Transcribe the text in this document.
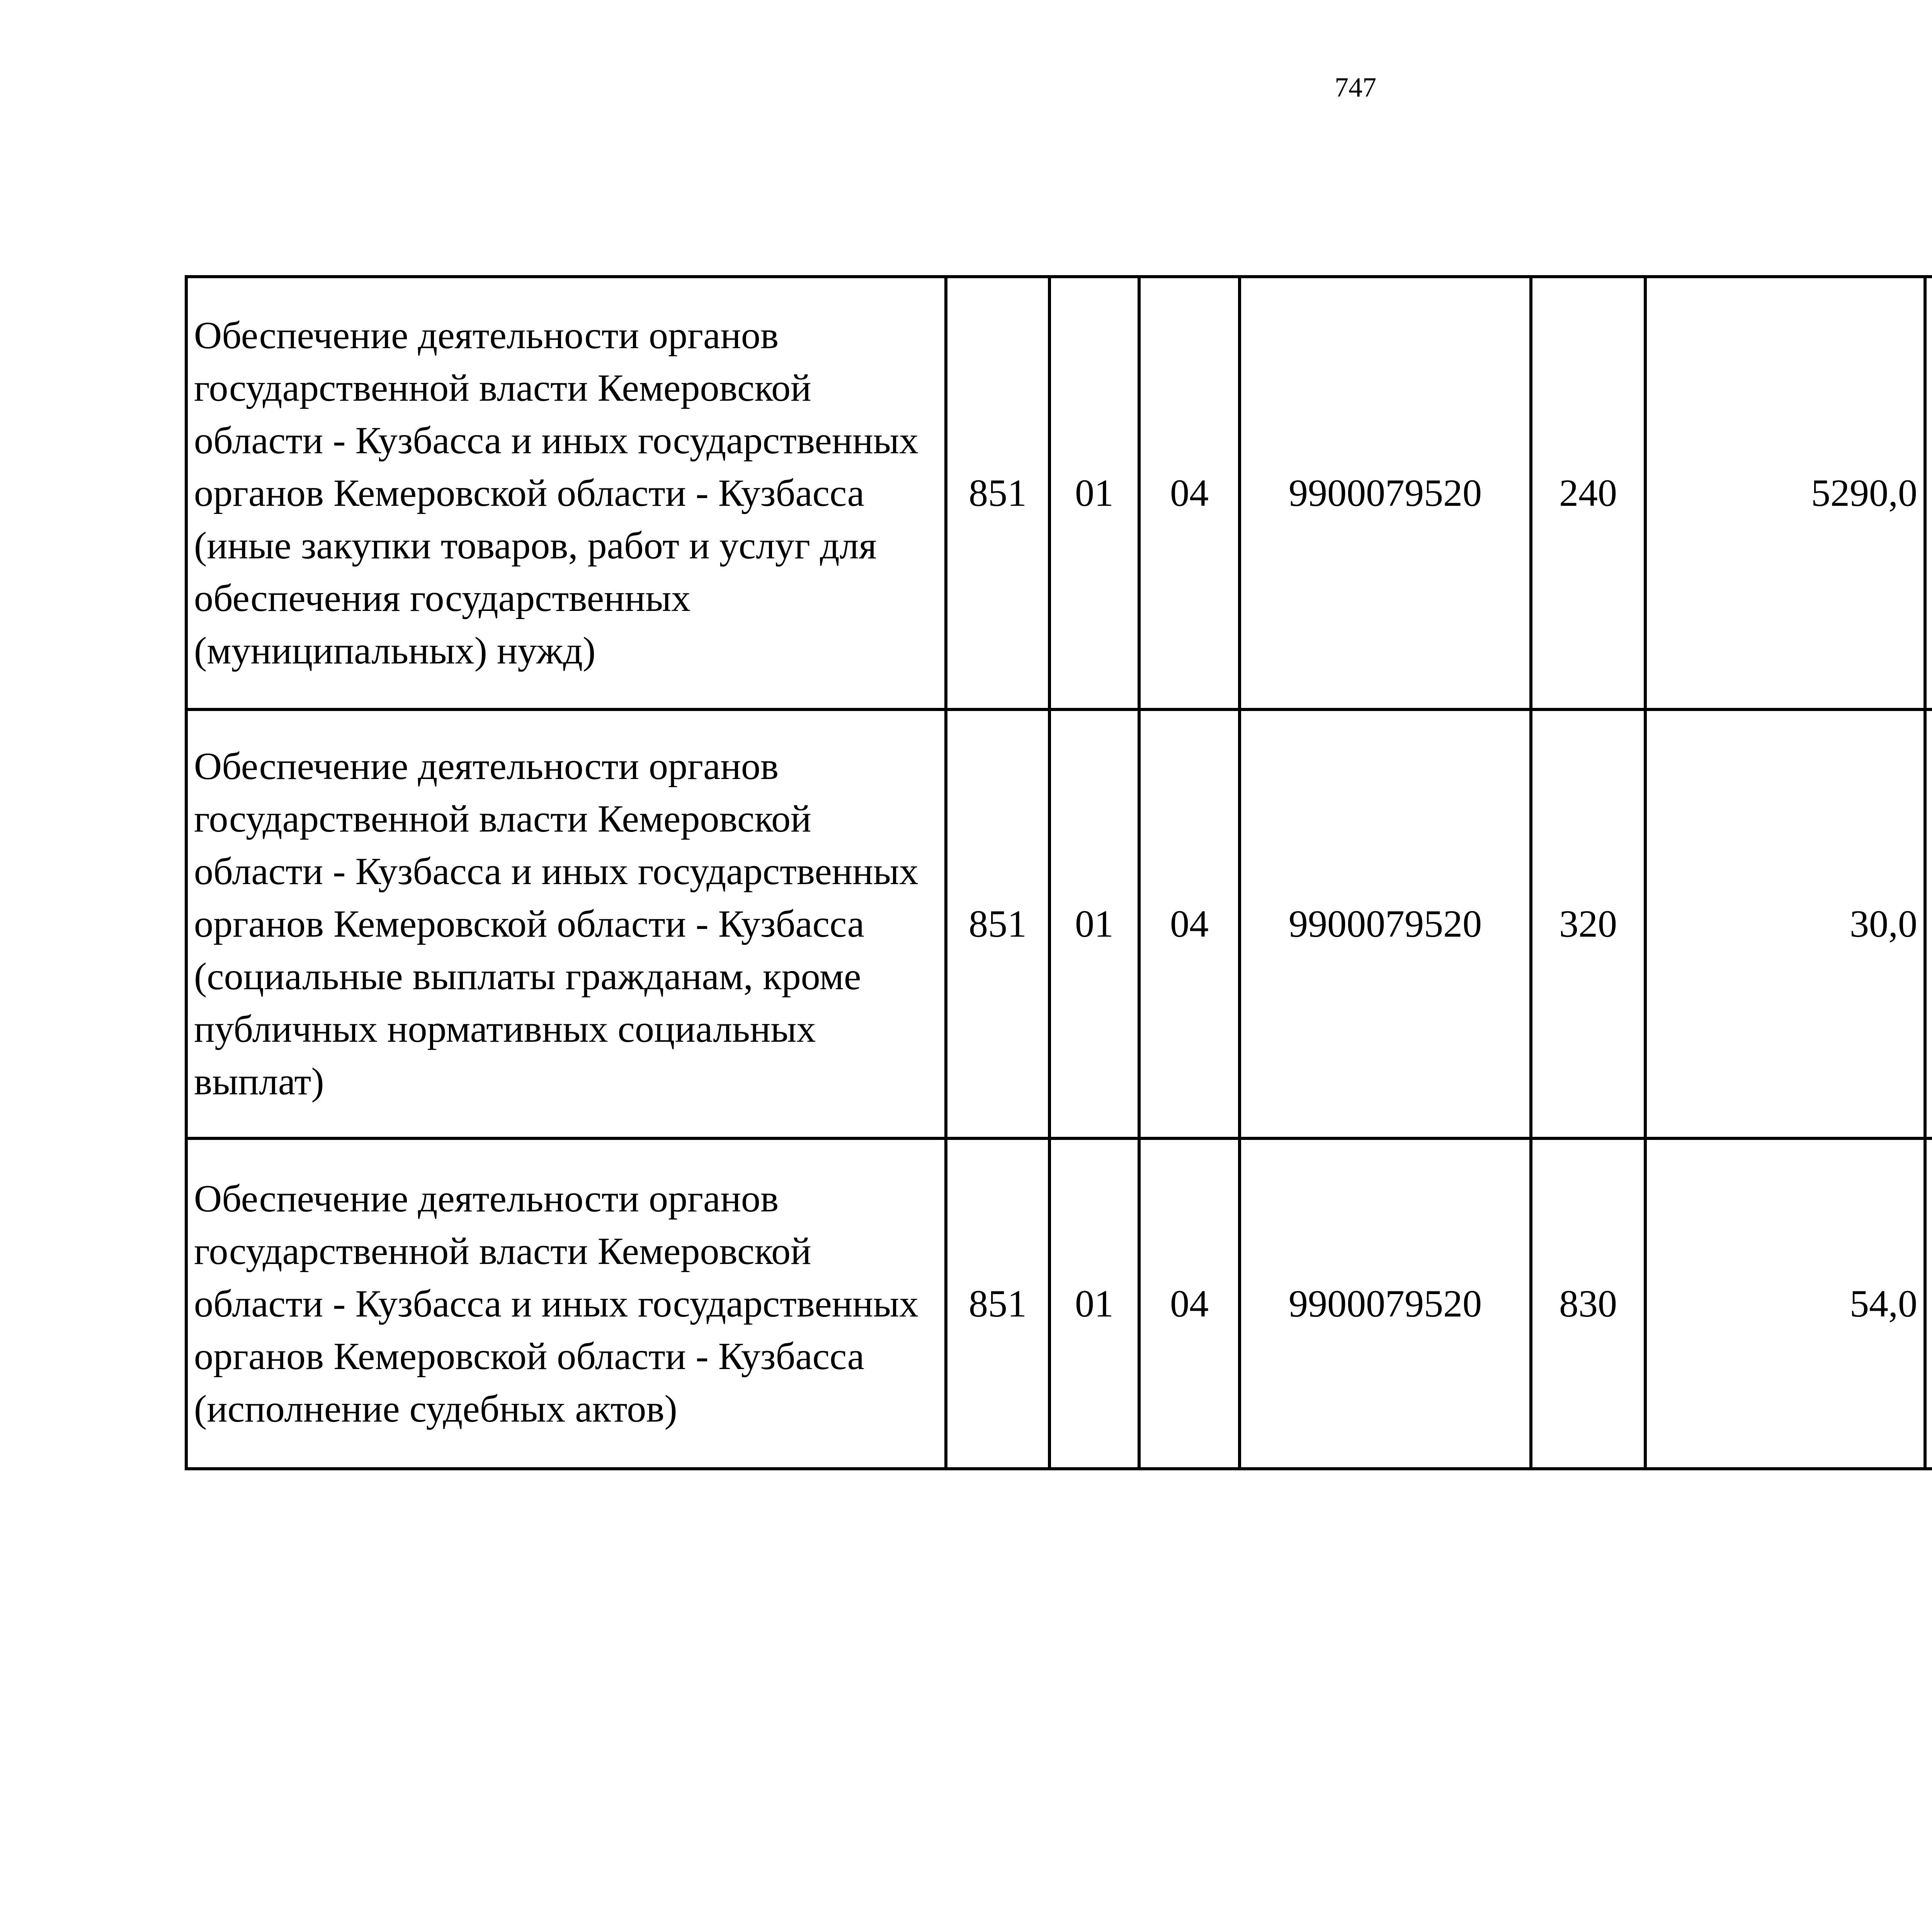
747
Обеспечение деятельности органов государственной власти Кемеровской области - Кузбасса и иных государственных органов Кемеровской области - Кузбасса (иные закупки товаров, работ и услуг для обеспечения государственных (муниципальных) нужд)	851	01	04	9900079520	240	5290,0		
Обеспечение деятельности органов государственной власти Кемеровской области - Кузбасса и иных государственных органов Кемеровской области - Кузбасса (социальные выплаты гражданам, кроме публичных нормативных социальных выплат)	851	01	04	9900079520	320	30,0		
Обеспечение деятельности органов государственной власти Кемеровской области - Кузбасса и иных государственных органов Кемеровской области - Кузбасса (исполнение судебных актов)	851	01	04	9900079520	830	54,0		
